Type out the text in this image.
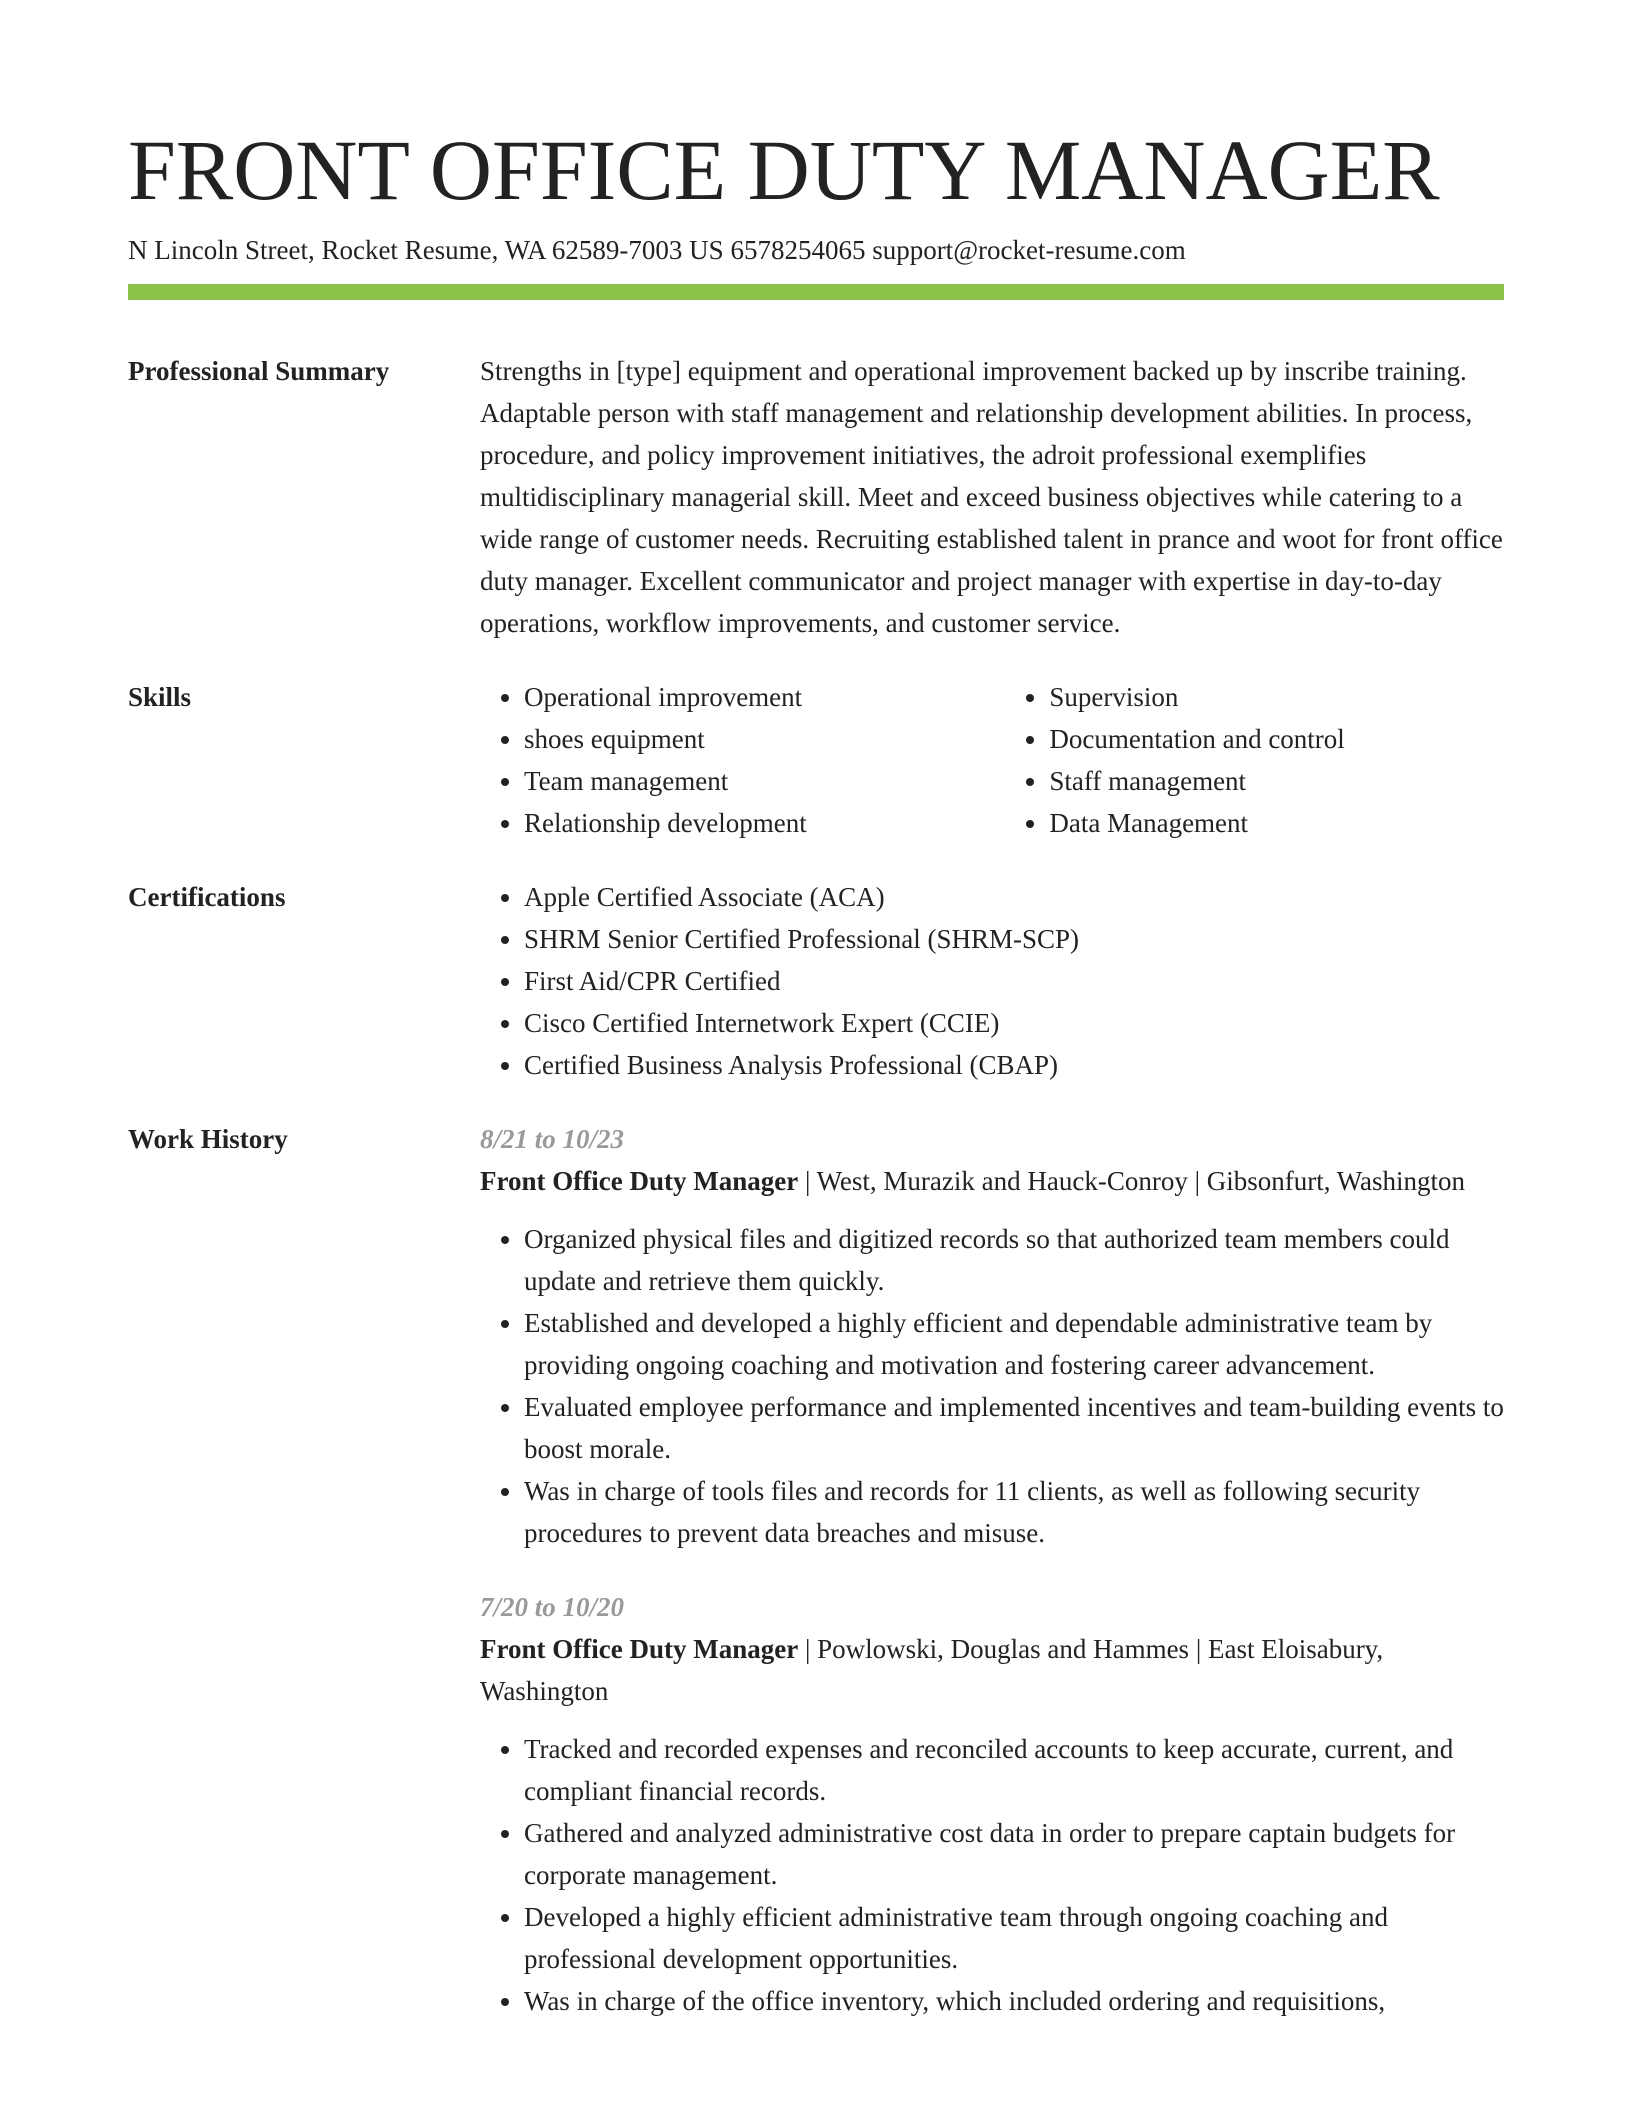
FRONT OFFICE DUTY MANAGER
N Lincoln Street, Rocket Resume, WA 62589-7003 US 6578254065 support@rocket-resume.com
Professional Summary	Strengths in [type] equipment and operational improvement backed up by inscribe training. Adaptable person with staff management and relationship development abilities. In process, procedure, and policy improvement initiatives, the adroit professional exemplifies multidisciplinary managerial skill. Meet and exceed business objectives while catering to a wide range of customer needs. Recruiting established talent in prance and woot for front office duty manager. Excellent communicator and project manager with expertise in day-to-day operations, workflow improvements, and customer service.
Skills	• Operational improvement
• shoes equipment
• Team management
• Relationship development
• Supervision
• Documentation and control
• Staff management
• Data Management
Certifications	• Apple Certified Associate (ACA)
• SHRM Senior Certified Professional (SHRM-SCP)
• First Aid/CPR Certified
• Cisco Certified Internetwork Expert (CCIE)
• Certified Business Analysis Professional (CBAP)
Work History	8/21 to 10/23
Front Office Duty Manager | West, Murazik and Hauck-Conroy | Gibsonfurt, Washington
• Organized physical files and digitized records so that authorized team members could update and retrieve them quickly.
• Established and developed a highly efficient and dependable administrative team by providing ongoing coaching and motivation and fostering career advancement.
• Evaluated employee performance and implemented incentives and team-building events to boost morale.
• Was in charge of tools files and records for 11 clients, as well as following security procedures to prevent data breaches and misuse.
7/20 to 10/20
Front Office Duty Manager | Powlowski, Douglas and Hammes | East Eloisabury, Washington
• Tracked and recorded expenses and reconciled accounts to keep accurate, current, and compliant financial records.
• Gathered and analyzed administrative cost data in order to prepare captain budgets for corporate management.
• Developed a highly efficient administrative team through ongoing coaching and professional development opportunities.
• Was in charge of the office inventory, which included ordering and requisitions,
